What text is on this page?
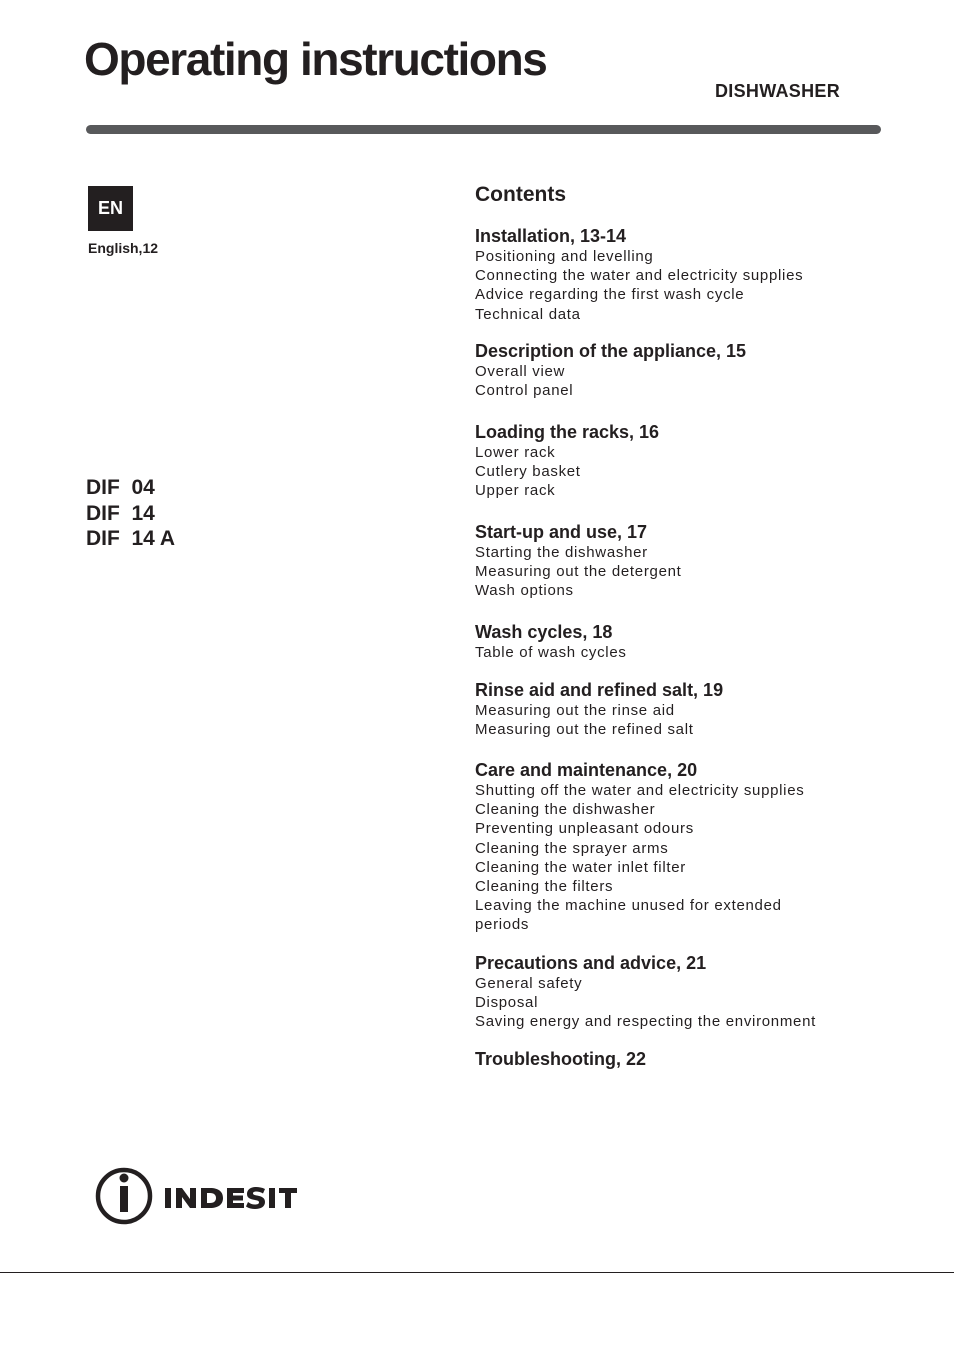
Operating instructions
DISHWASHER
EN
English,12
DIF  04
DIF  14
DIF  14 A
Contents
Installation, 13-14
Positioning and levelling
Connecting the water and electricity supplies
Advice regarding the first wash cycle
Technical data
Description of the appliance, 15
Overall view
Control panel
Loading the racks, 16
Lower rack
Cutlery basket
Upper rack
Start-up and use, 17
Starting the dishwasher
Measuring out the detergent
Wash options
Wash cycles, 18
Table of wash cycles
Rinse aid and refined salt, 19
Measuring out the rinse aid
Measuring out the refined salt
Care and maintenance, 20
Shutting off the water and electricity supplies
Cleaning the dishwasher
Preventing unpleasant odours
Cleaning the sprayer arms
Cleaning the water inlet filter
Cleaning the filters
Leaving the machine unused for extended
periods
Precautions and advice, 21
General safety
Disposal
Saving energy and respecting the environment
Troubleshooting, 22
